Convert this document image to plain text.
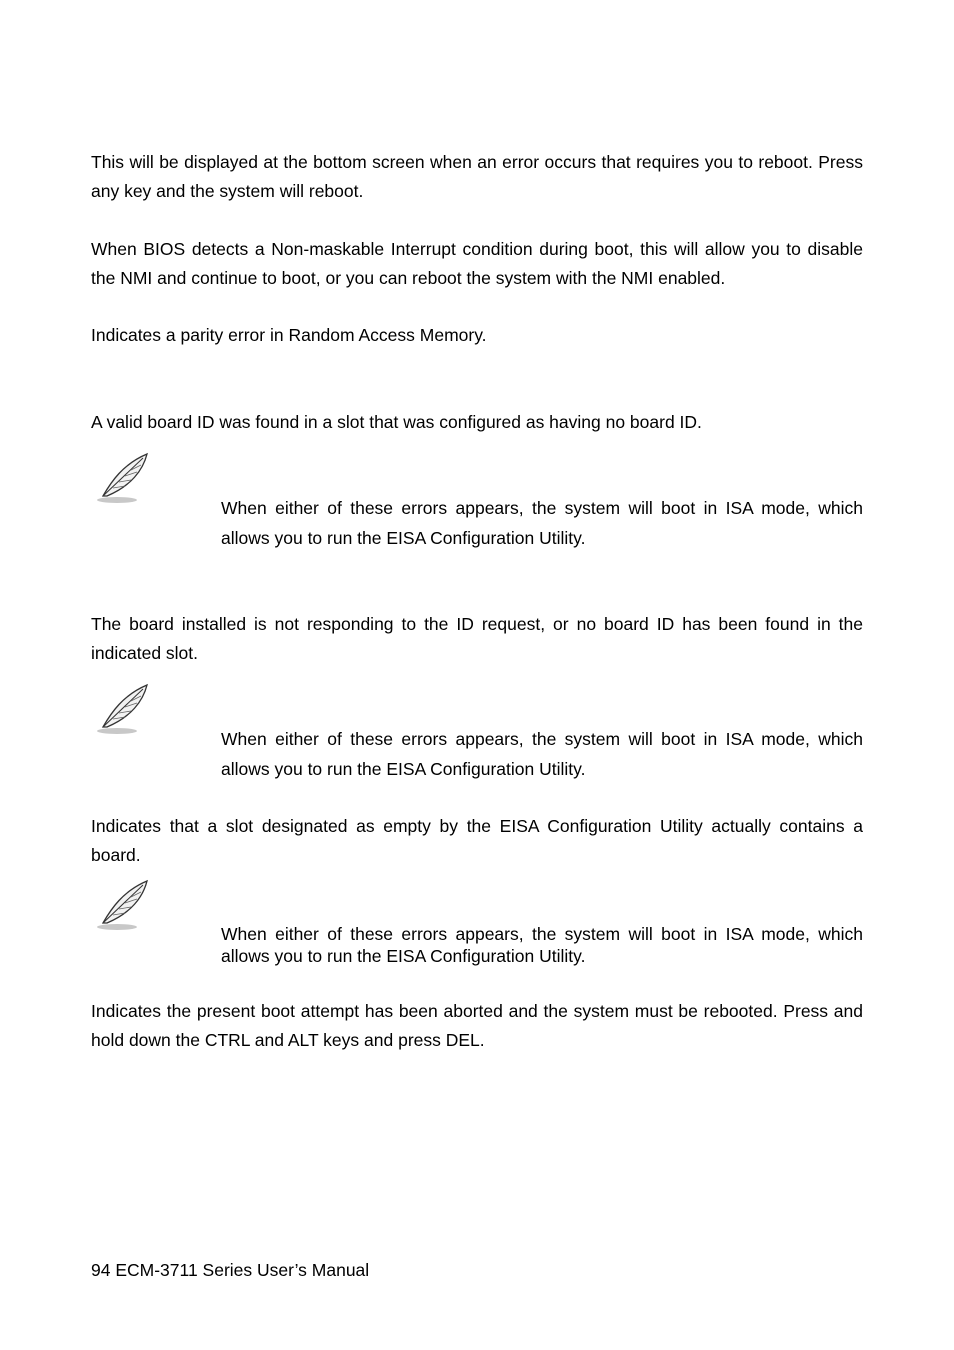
This will be displayed at the bottom screen when an error occurs that requires you to reboot. Press any key and the system will reboot.

When BIOS detects a Non-maskable Interrupt condition during boot, this will allow you to disable the NMI and continue to boot, or you can reboot the system with the NMI enabled.

Indicates a parity error in Random Access Memory.

A valid board ID was found in a slot that was configured as having no board ID.

When either of these errors appears, the system will boot in ISA mode, which allows you to run the EISA Configuration Utility.

The board installed is not responding to the ID request, or no board ID has been found in the indicated slot.

When either of these errors appears, the system will boot in ISA mode, which allows you to run the EISA Configuration Utility.

Indicates that a slot designated as empty by the EISA Configuration Utility actually contains a board.

When either of these errors appears, the system will boot in ISA mode, which allows you to run the EISA Configuration Utility.

Indicates the present boot attempt has been aborted and the system must be rebooted. Press and hold down the CTRL and ALT keys and press DEL.

94 ECM-3711 Series User’s Manual
